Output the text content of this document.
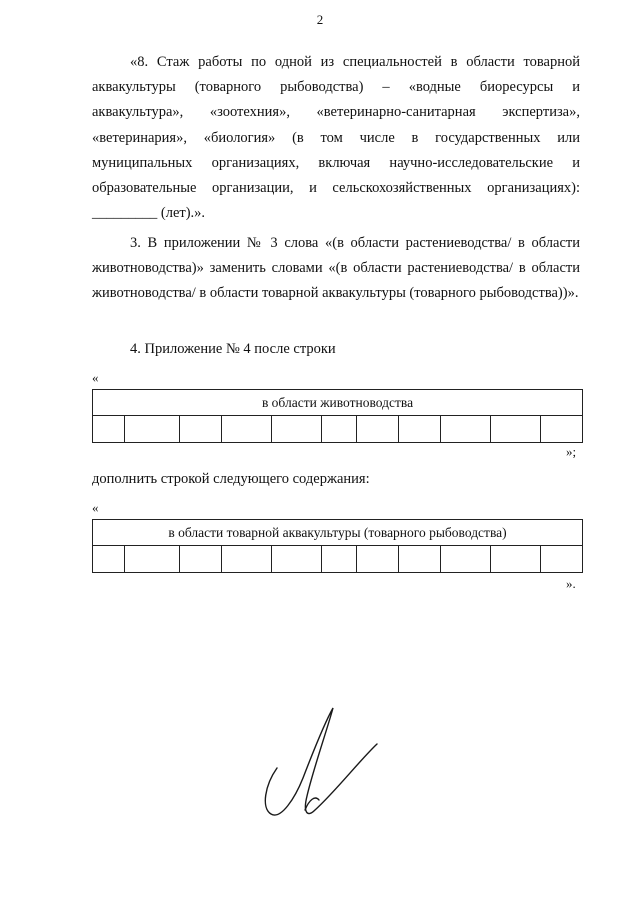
2

«8. Стаж работы по одной из специальностей в области товарной аквакультуры (товарного рыбоводства) – «водные биоресурсы и аквакультура», «зоотехния», «ветеринарно-санитарная экспертиза», «ветеринария», «биология» (в том числе в государственных или муниципальных организациях, включая научно-исследовательские и образовательные организации, и сельскохозяйственных организациях): _________ (лет).».

3. В приложении № 3 слова «(в области растениеводства/ в области животноводства)» заменить словами «(в области растениеводства/ в области животноводства/ в области товарной аквакультуры (товарного рыбоводства))».

4. Приложение № 4 после строки

«
в области животноводства

»;

дополнить строкой следующего содержания:

«
в области товарной аквакультуры (товарного рыбоводства)

».
